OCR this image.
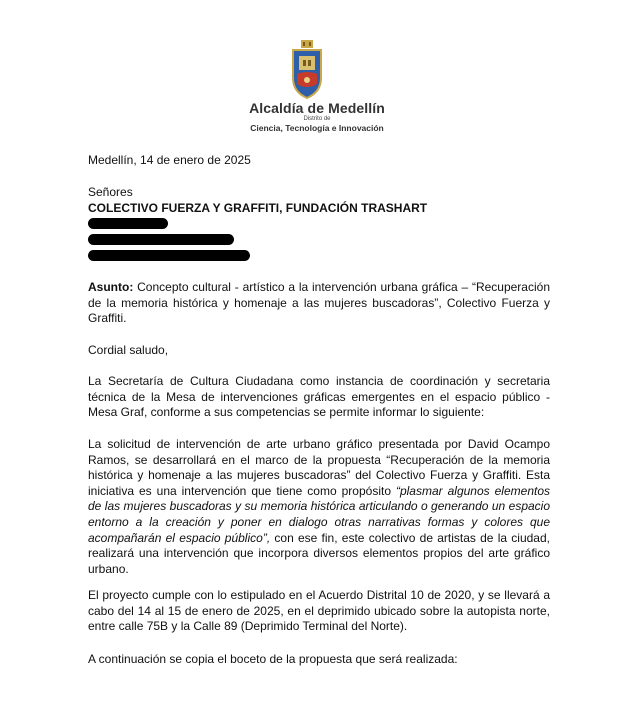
Alcaldía de Medellín
Distrito de
Ciencia, Tecnología e Innovación
Medellín, 14 de enero de 2025
Señores
COLECTIVO FUERZA Y GRAFFITI, FUNDACIÓN TRASHART
Asunto: Concepto cultural - artístico a la intervención urbana gráfica – “Recuperación de la memoria histórica y homenaje a las mujeres buscadoras”, Colectivo Fuerza y Graffiti.
Cordial saludo,
La Secretaría de Cultura Ciudadana como instancia de coordinación y secretaria técnica de la Mesa de intervenciones gráficas emergentes en el espacio público - Mesa Graf, conforme a sus competencias se permite informar lo siguiente:
La solicitud de intervención de arte urbano gráfico presentada por David Ocampo Ramos, se desarrollará en el marco de la propuesta “Recuperación de la memoria histórica y homenaje a las mujeres buscadoras” del Colectivo Fuerza y Graffiti. Esta iniciativa es una intervención que tiene como propósito “plasmar algunos elementos de las mujeres buscadoras y su memoria histórica articulando o generando un espacio entorno a la creación y poner en dialogo otras narrativas formas y colores que acompañarán el espacio público”, con ese fin, este colectivo de artistas de la ciudad, realizará una intervención que incorpora diversos elementos propios del arte gráfico urbano.
El proyecto cumple con lo estipulado en el Acuerdo Distrital 10 de 2020, y se llevará a cabo del 14 al 15 de enero de 2025, en el deprimido ubicado sobre la autopista norte, entre calle 75B y la Calle 89 (Deprimido Terminal del Norte).
A continuación se copia el boceto de la propuesta que será realizada:
